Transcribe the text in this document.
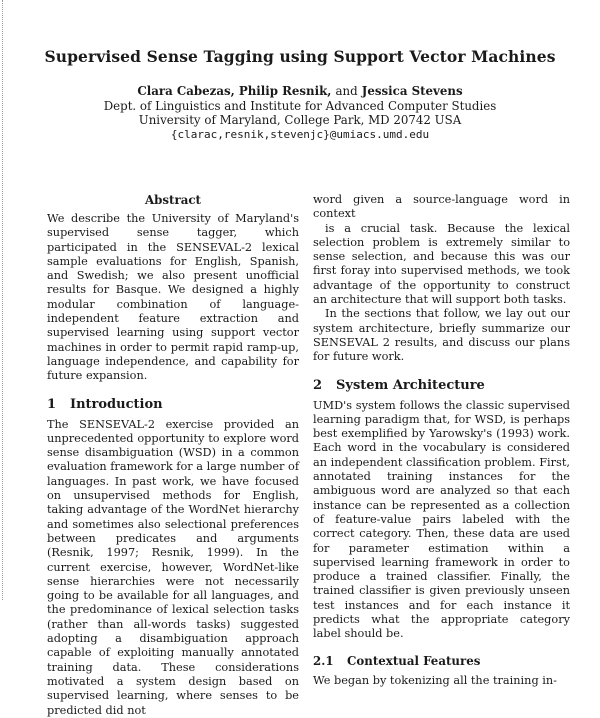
Supervised Sense Tagging using Support Vector Machines
Clara Cabezas, Philip Resnik, and Jessica Stevens
Dept. of Linguistics and Institute for Advanced Computer Studies
University of Maryland, College Park, MD 20742 USA
{clarac,resnik,stevenjc}@umiacs.umd.edu
Abstract

We describe the University of Maryland's supervised sense tagger, which participated in the SENSEVAL-2 lexical sample evaluations for English, Spanish, and Swedish; we also present unofficial results for Basque. We designed a highly modular combination of language-independent feature extraction and supervised learning using support vector machines in order to permit rapid ramp-up, language independence, and capability for future expansion.

1 Introduction

The SENSEVAL-2 exercise provided an unprecedented opportunity to explore word sense disambiguation (WSD) in a common evaluation framework for a large number of languages. In past work, we have focused on unsupervised methods for English, taking advantage of the WordNet hierarchy and sometimes also selectional preferences between predicates and arguments (Resnik, 1997; Resnik, 1999). In the current exercise, however, WordNet-like sense hierarchies were not necessarily going to be available for all languages, and the predominance of lexical selection tasks (rather than all-words tasks) suggested adopting a disambiguation approach capable of exploiting manually annotated training data. These considerations motivated a system design based on supervised learning, where senses to be predicted did not

word given a source-language word in context

is a crucial task. Because the lexical selection problem is extremely similar to sense selection, and because this was our first foray into supervised methods, we took advantage of the opportunity to construct an architecture that will support both tasks.

In the sections that follow, we lay out our system architecture, briefly summarize our SENSEVAL 2 results, and discuss our plans for future work.

2 System Architecture

UMD's system follows the classic supervised learning paradigm that, for WSD, is perhaps best exemplified by Yarowsky's (1993) work. Each word in the vocabulary is considered an independent classification problem. First, annotated training instances for the ambiguous word are analyzed so that each instance can be represented as a collection of feature-value pairs labeled with the correct category. Then, these data are used for parameter estimation within a supervised learning framework in order to produce a trained classifier. Finally, the trained classifier is given previously unseen test instances and for each instance it predicts what the appropriate category label should be.

2.1 Contextual Features

We began by tokenizing all the training in-
